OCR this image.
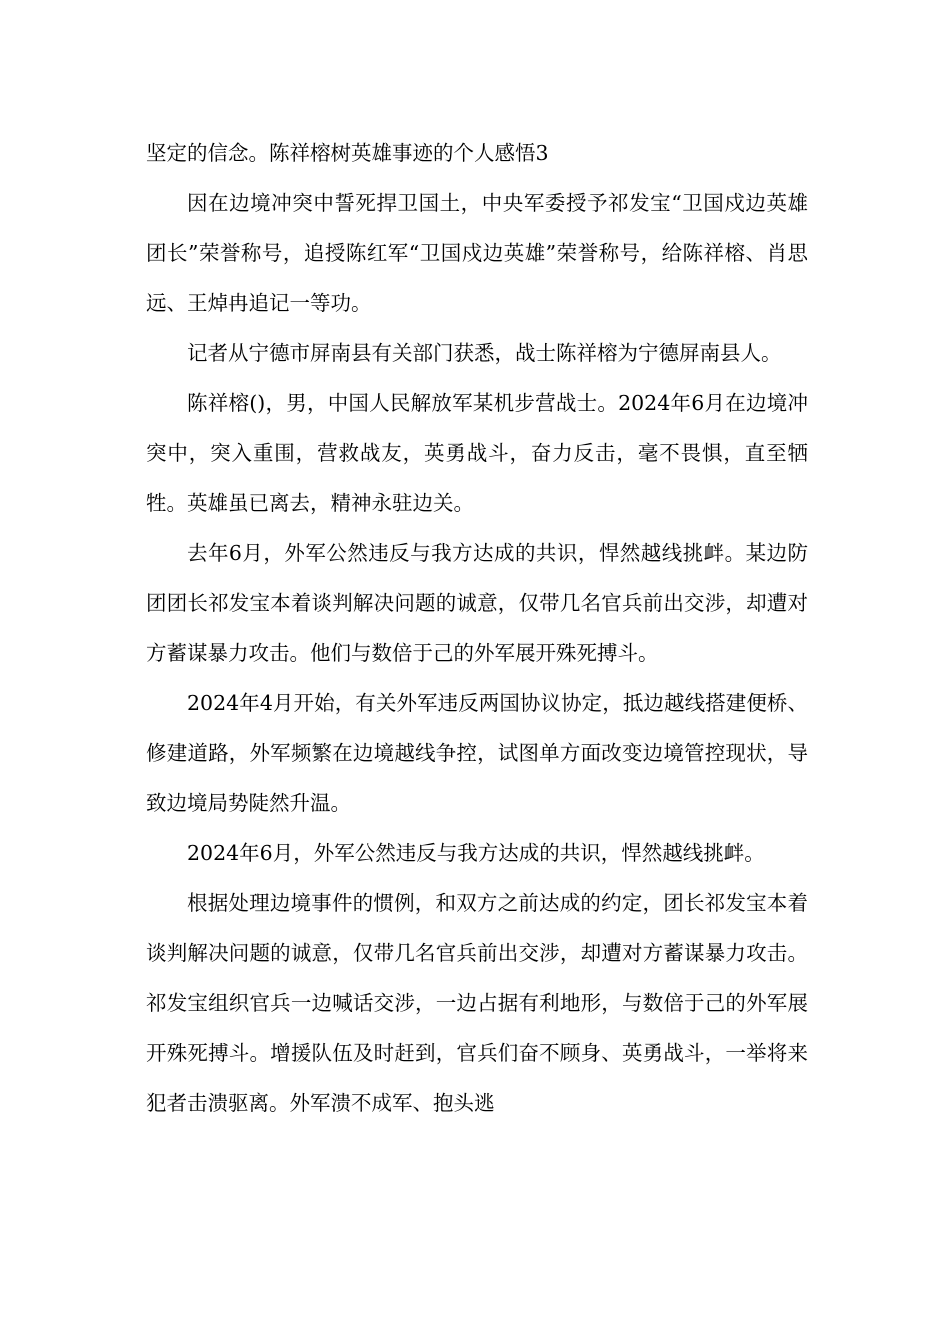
坚定的信念。陈祥榕树英雄事迹的个人感悟3

因在边境冲突中誓死捍卫国土，中央军委授予祁发宝“卫国戍边英雄团长”荣誉称号，追授陈红军“卫国戍边英雄”荣誉称号，给陈祥榕、肖思远、王焯冉追记一等功。

记者从宁德市屏南县有关部门获悉，战士陈祥榕为宁德屏南县人。

陈祥榕()，男，中国人民解放军某机步营战士。2024年6月在边境冲突中，突入重围，营救战友，英勇战斗，奋力反击，毫不畏惧，直至牺牲。英雄虽已离去，精神永驻边关。

去年6月，外军公然违反与我方达成的共识，悍然越线挑衅。某边防团团长祁发宝本着谈判解决问题的诚意，仅带几名官兵前出交涉，却遭对方蓄谋暴力攻击。他们与数倍于己的外军展开殊死搏斗。

2024年4月开始，有关外军违反两国协议协定，抵边越线搭建便桥、修建道路，外军频繁在边境越线争控，试图单方面改变边境管控现状，导致边境局势陡然升温。

2024年6月，外军公然违反与我方达成的共识，悍然越线挑衅。

根据处理边境事件的惯例，和双方之前达成的约定，团长祁发宝本着谈判解决问题的诚意，仅带几名官兵前出交涉，却遭对方蓄谋暴力攻击。祁发宝组织官兵一边喊话交涉，一边占据有利地形，与数倍于己的外军展开殊死搏斗。增援队伍及时赶到，官兵们奋不顾身、英勇战斗，一举将来犯者击溃驱离。外军溃不成军、抱头逃
